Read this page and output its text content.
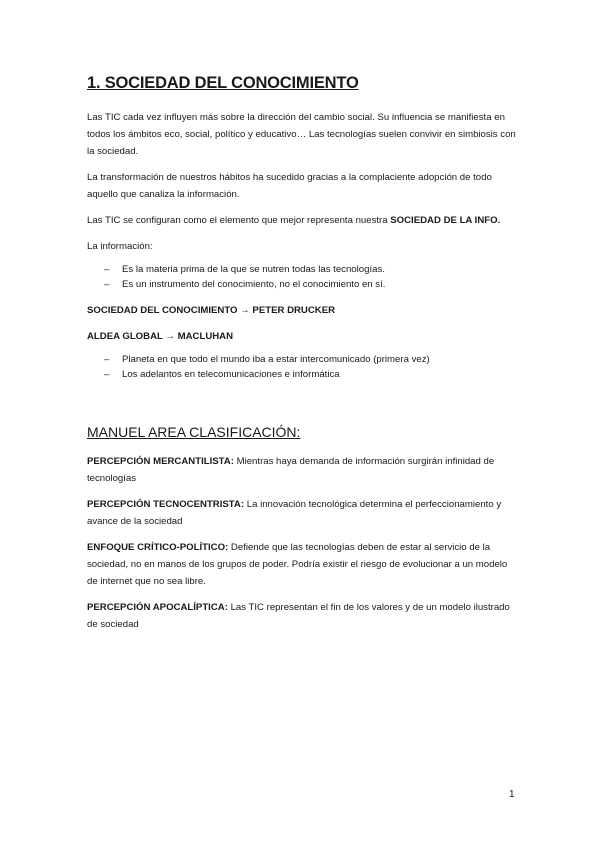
1. SOCIEDAD DEL CONOCIMIENTO

Las TIC cada vez influyen más sobre la dirección del cambio social. Su influencia se manifiesta en todos los ámbitos eco, social, político y educativo… Las tecnologías suelen convivir en simbiosis con la sociedad.

La transformación de nuestros hábitos ha sucedido gracias a la complaciente adopción de todo aquello que canaliza la información.

Las TIC se configuran como el elemento que mejor representa nuestra SOCIEDAD DE LA INFO.

La información:

– Es la materia prima de la que se nutren todas las tecnologías.
– Es un instrumento del conocimiento, no el conocimiento en sí.

SOCIEDAD DEL CONOCIMIENTO → PETER DRUCKER

ALDEA GLOBAL → MACLUHAN

– Planeta en que todo el mundo iba a estar intercomunicado (primera vez)
– Los adelantos en telecomunicaciones e informática
MANUEL AREA CLASIFICACIÓN:

PERCEPCIÓN MERCANTILISTA: Mientras haya demanda de información surgirán infinidad de tecnologías

PERCEPCIÓN TECNOCENTRISTA: La innovación tecnológica determina el perfeccionamiento y avance de la sociedad

ENFOQUE CRÍTICO-POLÍTICO: Defiende que las tecnologías deben de estar al servicio de la sociedad, no en manos de los grupos de poder. Podría existir el riesgo de evolucionar a un modelo de internet que no sea libre.

PERCEPCIÓN APOCALÍPTICA: Las TIC representan el fin de los valores y de un modelo ilustrado de sociedad

1
